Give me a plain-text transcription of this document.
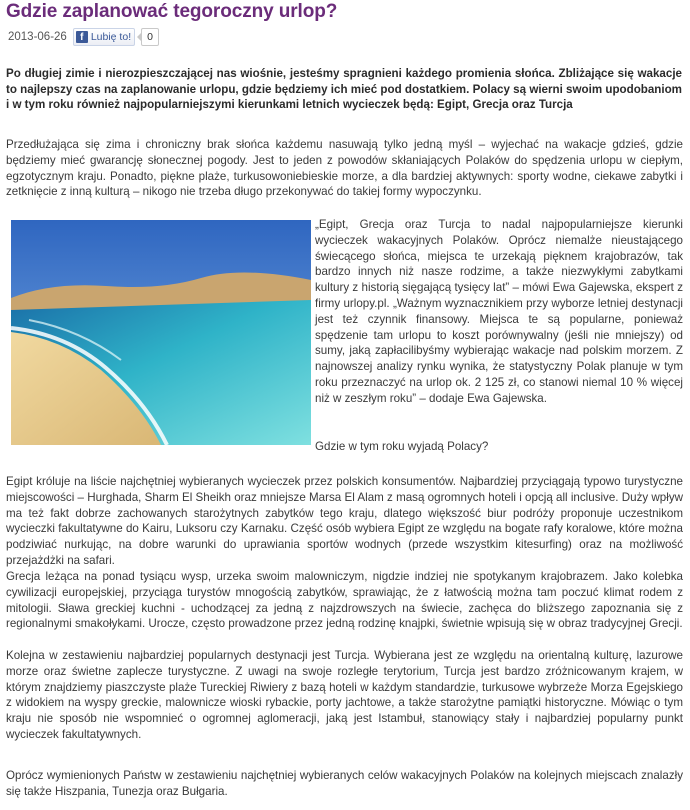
Gdzie zaplanować tegoroczny urlop?
2013-06-26	f Lubię to!	0

Po długiej zimie i nierozpieszczającej nas wiośnie, jesteśmy spragnieni każdego promienia słońca. Zbliżające się wakacje to najlepszy czas na zaplanowanie urlopu, gdzie będziemy ich mieć pod dostatkiem. Polacy są wierni swoim upodobaniom i w tym roku również najpopularniejszymi kierunkami letnich wycieczek będą: Egipt, Grecja oraz Turcja

Przedłużająca się zima i chroniczny brak słońca każdemu nasuwają tylko jedną myśl – wyjechać na wakacje gdzieś, gdzie będziemy mieć gwarancję słonecznej pogody. Jest to jeden z powodów skłaniających Polaków do spędzenia urlopu w ciepłym, egzotycznym kraju. Ponadto, piękne plaże, turkusowoniebieskie morze, a dla bardziej aktywnych: sporty wodne, ciekawe zabytki i zetknięcie z inną kulturą – nikogo nie trzeba długo przekonywać do takiej formy wypoczynku.

„Egipt, Grecja oraz Turcja to nadal najpopularniejsze kierunki wycieczek wakacyjnych Polaków. Oprócz niemalże nieustającego świecącego słońca, miejsca te urzekają pięknem krajobrazów, tak bardzo innych niż nasze rodzime, a także niezwykłymi zabytkami kultury z historią sięgającą tysięcy lat” – mówi Ewa Gajewska, ekspert z firmy urlopy.pl. „Ważnym wyznacznikiem przy wyborze letniej destynacji jest też czynnik finansowy. Miejsca te są popularne, ponieważ spędzenie tam urlopu to koszt porównywalny (jeśli nie mniejszy) od sumy, jaką zapłacilibyśmy wybierając wakacje nad polskim morzem. Z najnowszej analizy rynku wynika, że statystyczny Polak planuje w tym roku przeznaczyć na urlop ok. 2 125 zł, co stanowi niemal 10 % więcej niż w zeszłym roku” – dodaje Ewa Gajewska.

Gdzie w tym roku wyjadą Polacy?

Egipt króluje na liście najchętniej wybieranych wycieczek przez polskich konsumentów. Najbardziej przyciągają typowo turystyczne miejscowości – Hurghada, Sharm El Sheikh oraz mniejsze Marsa El Alam z masą ogromnych hoteli i opcją all inclusive. Duży wpływ ma też fakt dobrze zachowanych starożytnych zabytków tego kraju, dlatego większość biur podróży proponuje uczestnikom wycieczki fakultatywne do Kairu, Luksoru czy Karnaku. Część osób wybiera Egipt ze względu na bogate rafy koralowe, które można podziwiać nurkując, na dobre warunki do uprawiania sportów wodnych (przede wszystkim kitesurfing) oraz na możliwość przejażdżki na safari.

Grecja leżąca na ponad tysiącu wysp, urzeka swoim malowniczym, nigdzie indziej nie spotykanym krajobrazem. Jako kolebka cywilizacji europejskiej, przyciąga turystów mnogością zabytków, sprawiając, że z łatwością można tam poczuć klimat rodem z mitologii. Sława greckiej kuchni - uchodzącej za jedną z najzdrowszych na świecie, zachęca do bliższego zapoznania się z regionalnymi smakołykami. Urocze, często prowadzone przez jedną rodzinę knajpki, świetnie wpisują się w obraz tradycyjnej Grecji.

Kolejna w zestawieniu najbardziej popularnych destynacji jest Turcja. Wybierana jest ze względu na orientalną kulturę, lazurowe morze oraz świetne zaplecze turystyczne. Z uwagi na swoje rozległe terytorium, Turcja jest bardzo zróżnicowanym krajem, w którym znajdziemy piaszczyste plaże Tureckiej Riwiery z bazą hoteli w każdym standardzie, turkusowe wybrzeże Morza Egejskiego z widokiem na wyspy greckie, malownicze wioski rybackie, porty jachtowe, a także starożytne pamiątki historyczne. Mówiąc o tym kraju nie sposób nie wspomnieć o ogromnej aglomeracji, jaką jest Istambuł, stanowiący stały i najbardziej popularny punkt wycieczek fakultatywnych.

Oprócz wymienionych Państw w zestawieniu najchętniej wybieranych celów wakacyjnych Polaków na kolejnych miejscach znalazły się także Hiszpania, Tunezja oraz Bułgaria.
